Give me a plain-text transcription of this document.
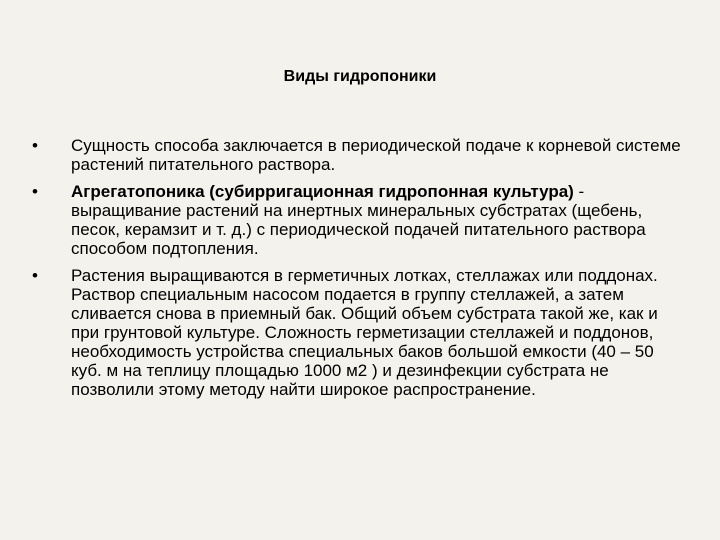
Виды гидропоники
•	Сущность способа заключается в периодической подаче к корневой системе растений питательного раствора.
•	Агрегатопоника (субирригационная гидропонная культура) - выращивание растений на инертных минеральных субстратах (щебень, песок, керамзит и т. д.) с периодической подачей питательного раствора способом подтопления.
•	Растения выращиваются в герметичных лотках, стеллажах или поддонах. Раствор специальным насосом подается в группу стеллажей, а затем сливается снова в приемный бак. Общий объем субстрата такой же, как и при грунтовой культуре. Сложность герметизации стеллажей и поддонов, необходимость устройства специальных баков большой емкости (40 – 50 куб. м на теплицу площадью 1000 м2 ) и дезинфекции субстрата не позволили этому методу найти широкое распространение.
